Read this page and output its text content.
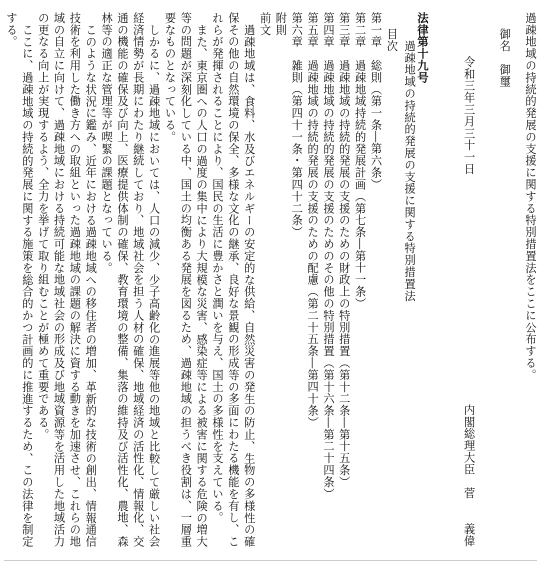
過疎地域の持続的発展の支援に関する特別措置法をここに公布する。
御名　御璽
令和三年三月三十一日
内閣総理大臣　菅　　義偉
法律第十九号
過疎地域の持続的発展の支援に関する特別措置法
目次
第一章　総則（第一条―第六条）
第二章　過疎地域持続的発展計画（第七条―第十一条）
第三章　過疎地域の持続的発展の支援のための財政上の特別措置（第十二条―第十五条）
第四章　過疎地域の持続的発展の支援のためのその他の特別措置（第十六条―第二十四条）
第五章　過疎地域の持続的発展の支援のための配慮（第二十五条―第四十条）
第六章　雑則（第四十一条・第四十二条）
附則
前文
過疎地域は、食料、水及びエネルギーの安定的な供給、自然災害の発生の防止、生物の多様性の確
保その他の自然環境の保全、多様な文化の継承、良好な景観の形成等の多面にわたる機能を有し、こ
れらが発揮されることにより、国民の生活に豊かさと潤いを与え、国土の多様性を支えている。
また、東京圏への人口の過度の集中により大規模な災害、感染症等による被害に関する危険の増大
等の問題が深刻化している中、国土の均衡ある発展を図るため、過疎地域の担うべき役割は、一層重
要なものとなっている。
しかるに、過疎地域においては、人口の減少、少子高齢化の進展等他の地域と比較して厳しい社会
経済情勢が長期にわたり継続しており、地域社会を担う人材の確保、地域経済の活性化、情報化、交
通の機能の確保及び向上、医療提供体制の確保、教育環境の整備、集落の維持及び活性化、農地、森
林等の適正な管理等が喫緊の課題となっている。
このような状況に鑑み、近年における過疎地域への移住者の増加、革新的な技術の創出、情報通信
技術を利用した働き方への取組といった過疎地域の課題の解決に資する動きを加速させ、これらの地
域の自立に向けて、過疎地域における持続可能な地域社会の形成及び地域資源等を活用した地域活力
の更なる向上が実現するよう、全力を挙げて取り組むことが極めて重要である。
ここに、過疎地域の持続的発展に関する施策を総合的かつ計画的に推進するため、この法律を制定
する。
